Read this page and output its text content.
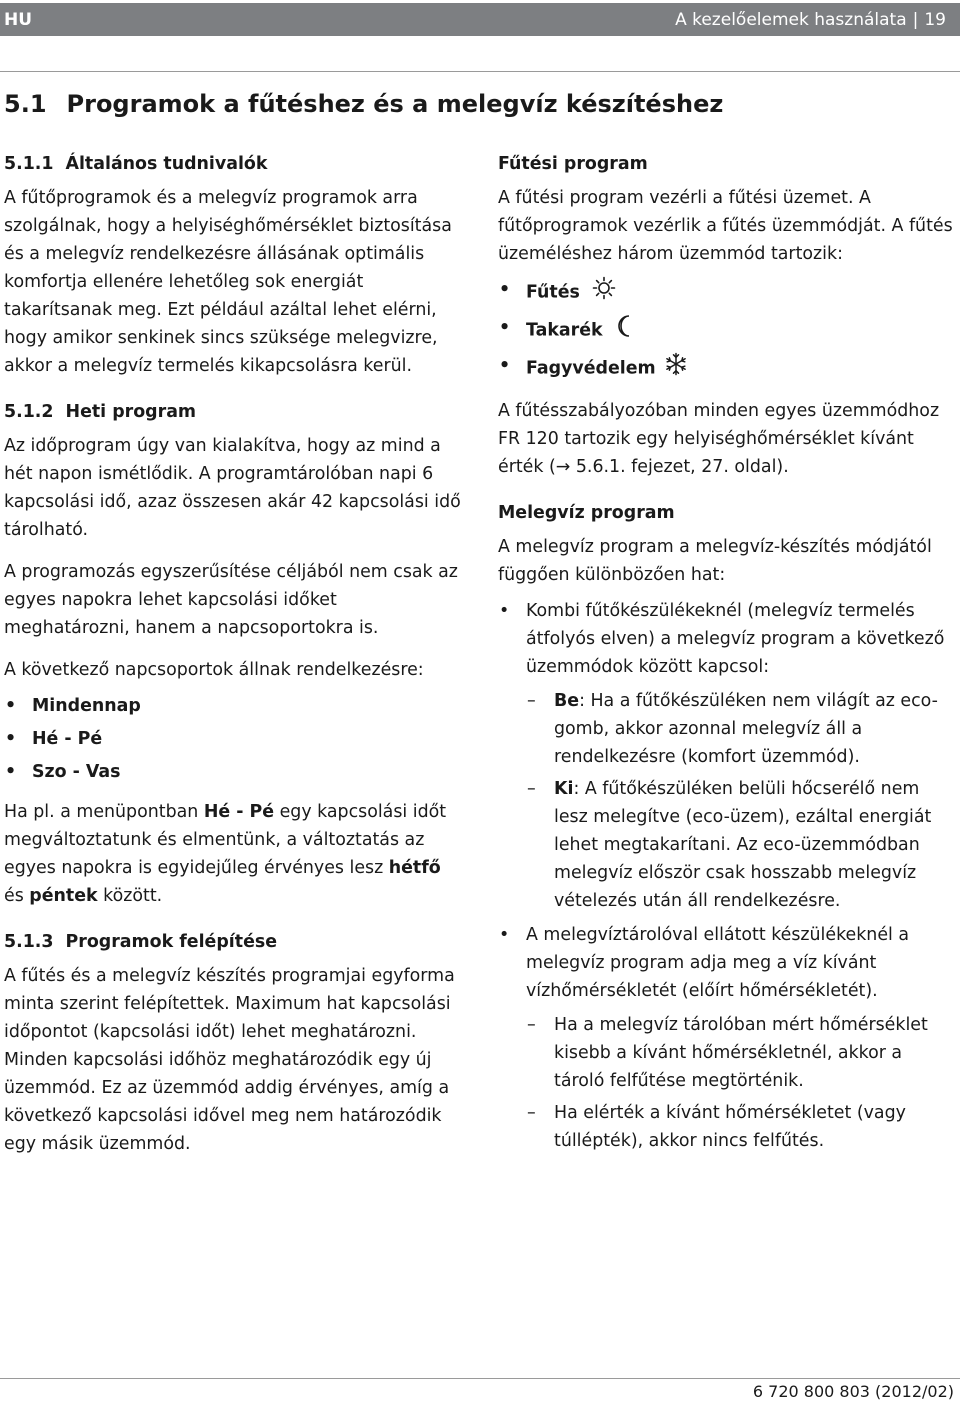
HU	A kezelőelemek használata | 19
5.1 Programok a fűtéshez és a melegvíz készítéshez
5.1.1 Általános tudnivalók

A fűtőprogramok és a melegvíz programok arra szolgálnak, hogy a helyiséghőmérséklet biztosítása és a melegvíz rendelkezésre állásának optimális komfortja ellenére lehetőleg sok energiát takarítsanak meg. Ezt például azáltal lehet elérni, hogy amikor senkinek sincs szüksége melegvizre, akkor a melegvíz termelés kikapcsolásra kerül.

5.1.2 Heti program

Az időprogram úgy van kialakítva, hogy az mind a hét napon ismétlődik. A programtárolóban napi 6 kapcsolási idő, azaz összesen akár 42 kapcsolási idő tárolható.

A programozás egyszerűsítése céljából nem csak az egyes napokra lehet kapcsolási időket meghatározni, hanem a napcsoportokra is.

A következő napcsoportok állnak rendelkezésre:

• Mindennap
• Hé - Pé
• Szo - Vas

Ha pl. a menüpontban Hé - Pé egy kapcsolási időt megváltoztatunk és elmentünk, a változtatás az egyes napokra is egyidejűleg érvényes lesz hétfő és péntek között.

5.1.3 Programok felépítése

A fűtés és a melegvíz készítés programjai egyforma minta szerint felépítettek. Maximum hat kapcsolási időpontot (kapcsolási időt) lehet meghatározni. Minden kapcsolási időhöz meghatározódik egy új üzemmód. Ez az üzemmód addig érvényes, amíg a következő kapcsolási idővel meg nem határozódik egy másik üzemmód.

Fűtési program

A fűtési program vezérli a fűtési üzemet. A fűtőprogramok vezérlik a fűtés üzemmódját. A fűtés üzeméléshez három üzemmód tartozik:

• Fűtés
• Takarék
• Fagyvédelem

A fűtésszabályozóban minden egyes üzemmódhoz FR 120 tartozik egy helyiséghőmérséklet kívánt érték (→ 5.6.1. fejezet, 27. oldal).

Melegvíz program

A melegvíz program a melegvíz-készítés módjától függően különbözően hat:

• Kombi fűtőkészülékeknél (melegvíz termelés átfolyós elven) a melegvíz program a következő üzemmódok között kapcsol:
– Be: Ha a fűtőkészüléken nem világít az eco-gomb, akkor azonnal melegvíz áll a rendelkezésre (komfort üzemmód).
– Ki: A fűtőkészüléken belüli hőcserélő nem lesz melegítve (eco-üzem), ezáltal energiát lehet megtakarítani. Az eco-üzemmódban melegvíz először csak hosszabb melegvíz vételezés után áll rendelkezésre.
• A melegvíztárolóval ellátott készülékeknél a melegvíz program adja meg a víz kívánt vízhőmérsékletét (előírt hőmérsékletét).
– Ha a melegvíz tárolóban mért hőmérséklet kisebb a kívánt hőmérsékletnél, akkor a tároló felfűtése megtörténik.
– Ha elérték a kívánt hőmérsékletet (vagy túllépték), akkor nincs felfűtés.
6 720 800 803 (2012/02)
